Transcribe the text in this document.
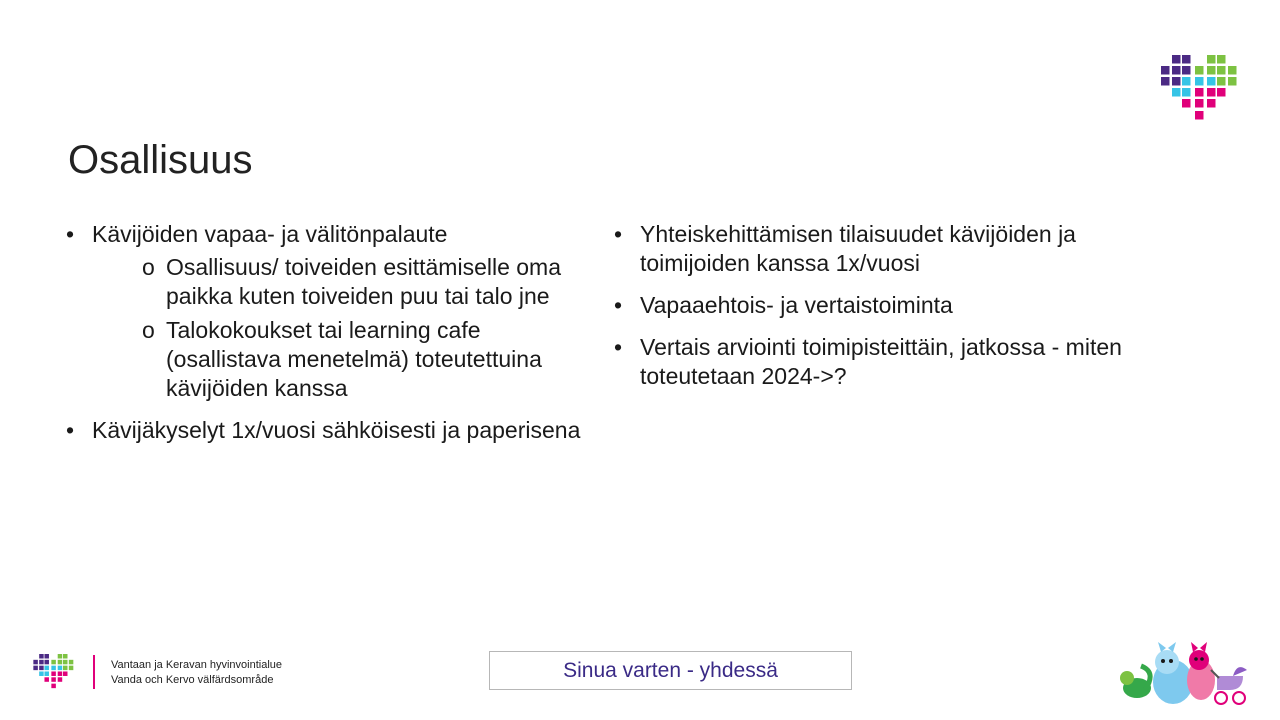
Osallisuus
• Kävijöiden vapaa- ja välitönpalaute
o Osallisuus/ toiveiden esittämiselle oma paikka kuten toiveiden puu tai talo jne
o Talokokoukset tai learning cafe (osallistava menetelmä) toteutettuina kävijöiden kanssa
• Kävijäkyselyt 1x/vuosi sähköisesti ja paperisena
• Yhteiskehittämisen tilaisuudet kävijöiden ja toimijoiden kanssa 1x/vuosi
• Vapaaehtois- ja vertaistoiminta
• Vertais arviointi toimipisteittäin, jatkossa - miten toteutetaan 2024->?
Vantaan ja Keravan hyvinvointialue
Vanda och Kervo välfärdsområde	Sinua varten - yhdessä
